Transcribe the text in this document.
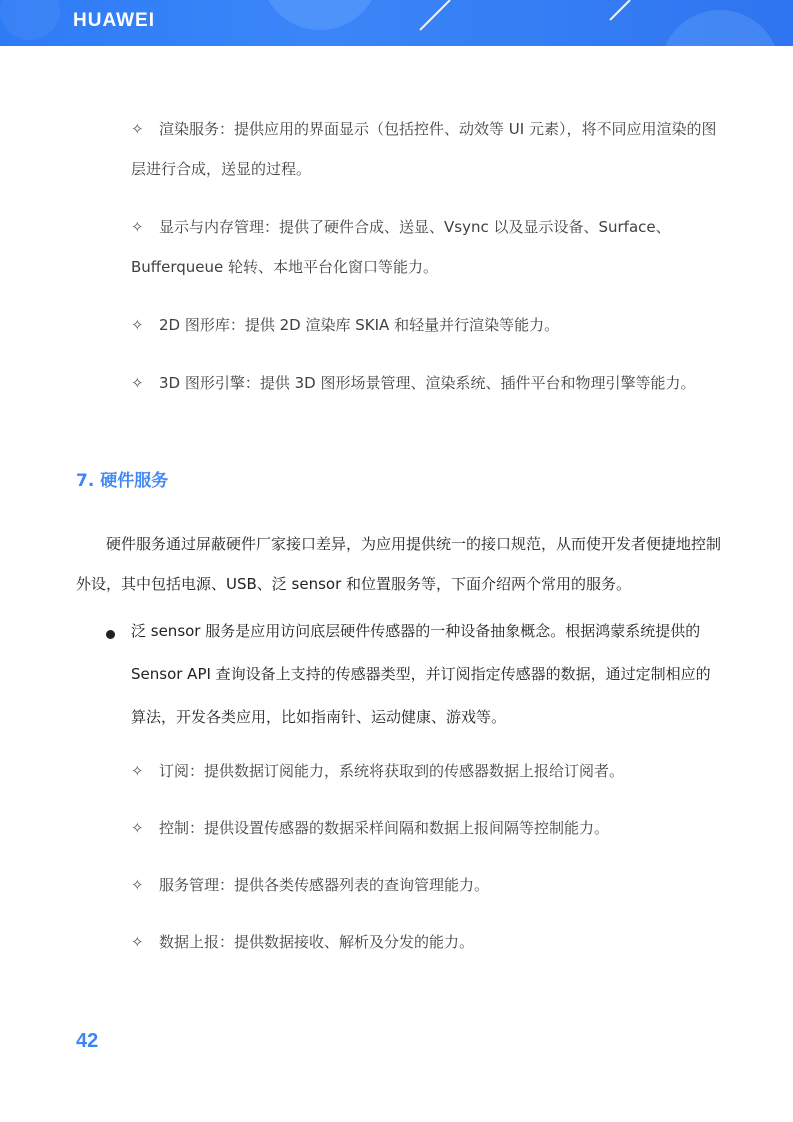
HUAWEI
✧ 渲染服务：提供应用的界面显示（包括控件、动效等 UI 元素），将不同应用渲染的图层进行合成，送显的过程。
✧ 显示与内存管理：提供了硬件合成、送显、Vsync 以及显示设备、Surface、Bufferqueue 轮转、本地平台化窗口等能力。
✧ 2D 图形库：提供 2D 渲染库 SKIA 和轻量并行渲染等能力。
✧ 3D 图形引擎：提供 3D 图形场景管理、渲染系统、插件平台和物理引擎等能力。
7. 硬件服务
硬件服务通过屏蔽硬件厂家接口差异，为应用提供统一的接口规范，从而使开发者便捷地控制外设，其中包括电源、USB、泛 sensor 和位置服务等，下面介绍两个常用的服务。
泛 sensor 服务是应用访问底层硬件传感器的一种设备抽象概念。根据鸿蒙系统提供的 Sensor API 查询设备上支持的传感器类型，并订阅指定传感器的数据，通过定制相应的算法，开发各类应用，比如指南针、运动健康、游戏等。
✧ 订阅：提供数据订阅能力，系统将获取到的传感器数据上报给订阅者。
✧ 控制：提供设置传感器的数据采样间隔和数据上报间隔等控制能力。
✧ 服务管理：提供各类传感器列表的查询管理能力。
✧ 数据上报：提供数据接收、解析及分发的能力。
42
